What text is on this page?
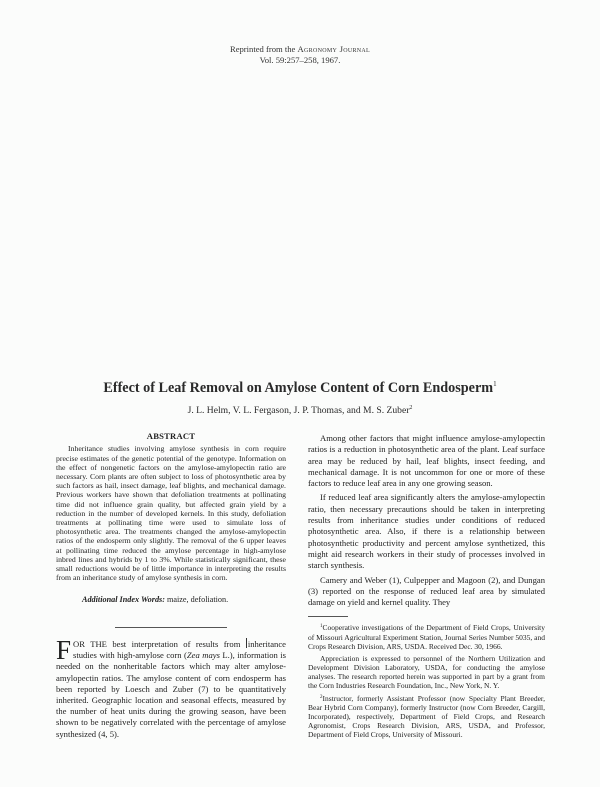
Reprinted from the Agronomy Journal
Vol. 59:257–258, 1967.
Effect of Leaf Removal on Amylose Content of Corn Endosperm$^1$
J. L. Helm, V. L. Fergason, J. P. Thomas, and M. S. Zuber$^2$
ABSTRACT
Inheritance studies involving amylose synthesis in corn require precise estimates of the genetic potential of the genotype. Information on the effect of nongenetic factors on the amylose-amylopectin ratio are necessary. Corn plants are often subject to loss of photosynthetic area by such factors as hail, insect damage, leaf blights, and mechanical damage. Previous workers have shown that defoliation treatments at pollinating time did not influence grain quality, but affected grain yield by a reduction in the number of developed kernels. In this study, defoliation treatments at pollinating time were used to simulate loss of photosynthetic area. The treatments changed the amylose-amylopectin ratios of the endosperm only slightly. The removal of the 6 upper leaves at pollinating time reduced the amylose percentage in high-amylose inbred lines and hybrids by 1 to 3%. While statistically significant, these small reductions would be of little importance in interpreting the results from an inheritance study of amylose synthesis in corn.
Additional Index Words: maize, defoliation.
FOR THE best interpretation of results from inheritance studies with high-amylose corn (Zea mays L.), information is needed on the nonheritable factors which may alter amylose-amylopectin ratios. The amylose content of corn endosperm has been reported by Loesch and Zuber (7) to be quantitatively inherited. Geographic location and seasonal effects, measured by the number of heat units during the growing season, have been shown to be negatively correlated with the percentage of amylose synthesized (4, 5).

Among other factors that might influence amylose-amylopectin ratios is a reduction in photosynthetic area of the plant. Leaf surface area may be reduced by hail, leaf blights, insect feeding, and mechanical damage. It is not uncommon for one or more of these factors to reduce leaf area in any one growing season.

If reduced leaf area significantly alters the amylose-amylopectin ratio, then necessary precautions should be taken in interpreting results from inheritance studies under conditions of reduced photosynthetic area. Also, if there is a relationship between photosynthetic productivity and percent amylose synthetized, this might aid research workers in their study of processes involved in starch synthesis.

Camery and Weber (1), Culpepper and Magoon (2), and Dungan (3) reported on the response of reduced leaf area by simulated damage on yield and kernel quality. They

$^1$Cooperative investigations of the Department of Field Crops, University of Missouri Agricultural Experiment Station, Journal Series Number 5035, and Crops Research Division, ARS, USDA. Received Dec. 30, 1966.

Appreciation is expressed to personnel of the Northern Utilization and Development Division Laboratory, USDA, for conducting the amylose analyses. The research reported herein was supported in part by a grant from the Corn Industries Research Foundation, Inc., New York, N. Y.

$^2$Instructor, formerly Assistant Professor (now Specialty Plant Breeder, Bear Hybrid Corn Company), formerly Instructor (now Corn Breeder, Cargill, Incorporated), respectively, Department of Field Crops, and Research Agronomist, Crops Research Division, ARS, USDA, and Professor, Department of Field Crops, University of Missouri.
